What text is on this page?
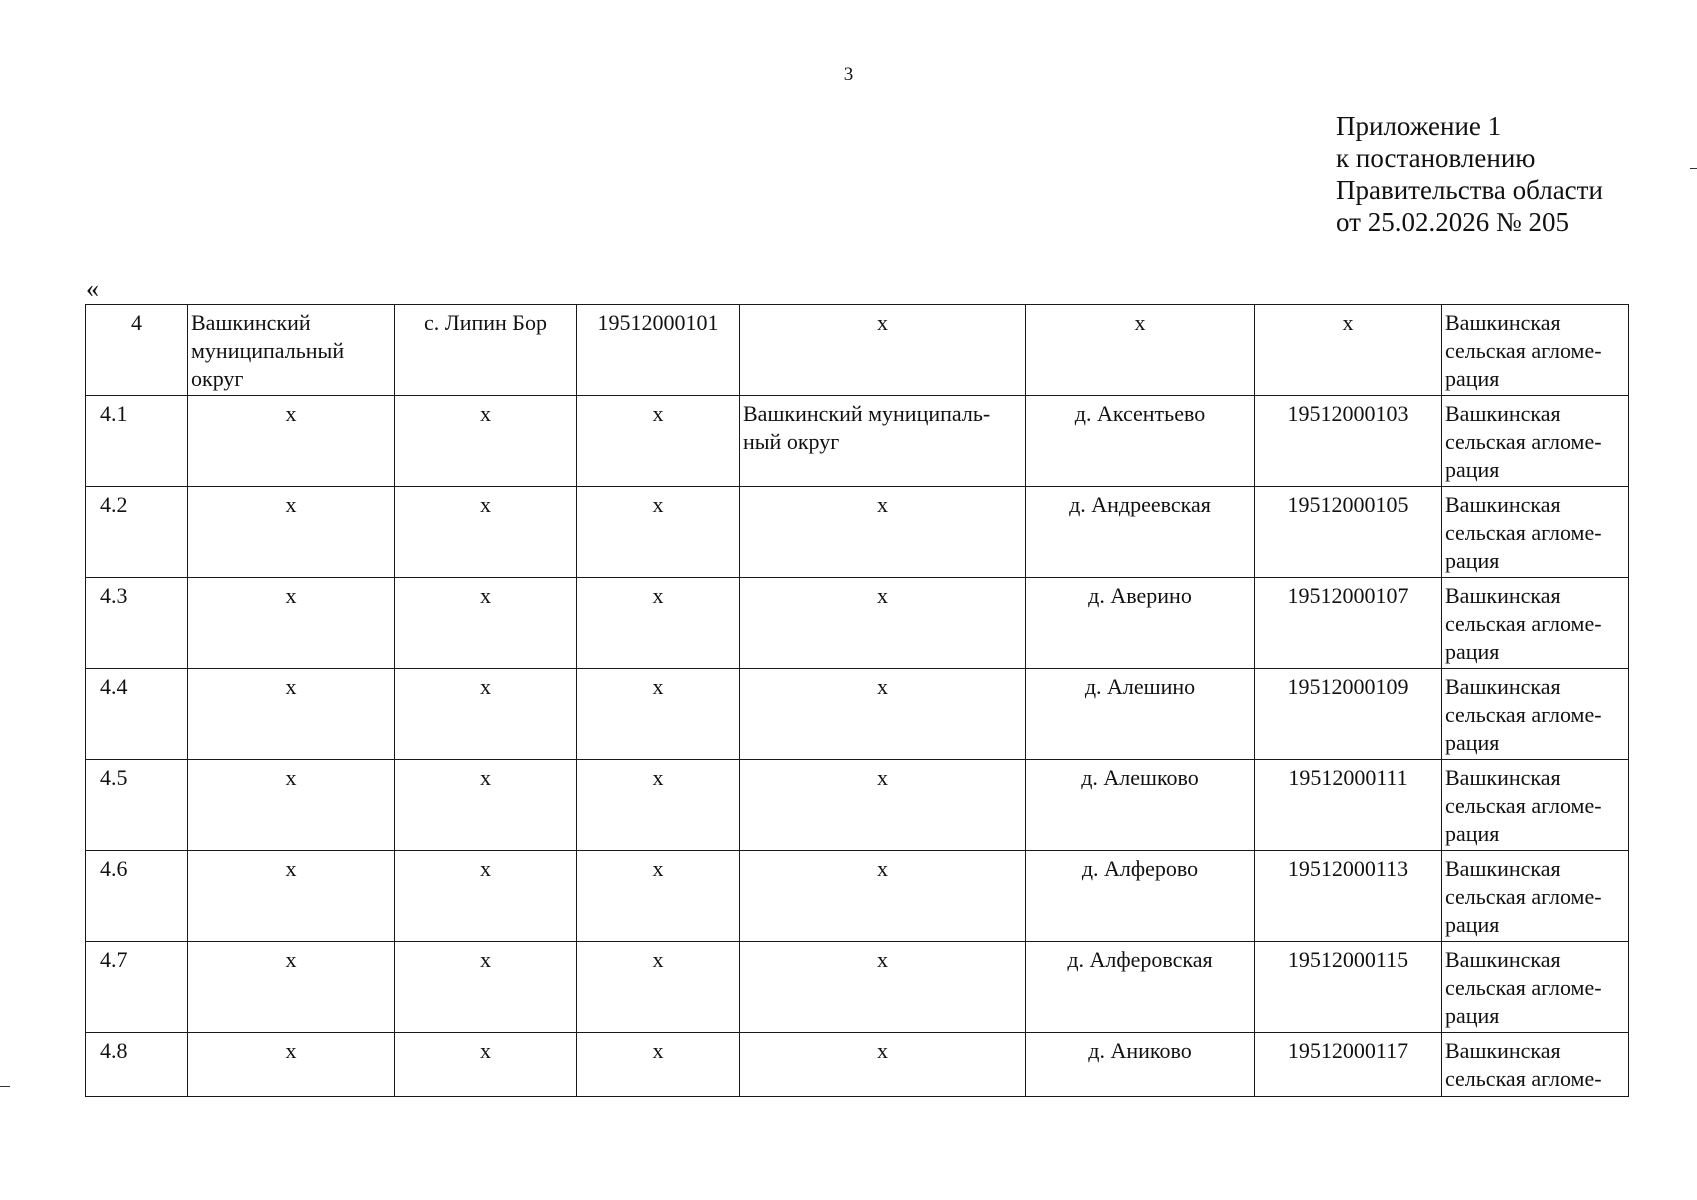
3
Приложение 1
к постановлению
Правительства области
от 25.02.2026 № 205
«
4	Вашкинский муниципальный округ	с. Липин Бор	19512000101	х	х	х	Вашкинская сельская агломе-рация
4.1	х	х	х	Вашкинский муниципаль-ный округ	д. Аксентьево	19512000103	Вашкинская сельская агломе-рация
4.2	х	х	х	х	д. Андреевская	19512000105	Вашкинская сельская агломе-рация
4.3	х	х	х	х	д. Аверино	19512000107	Вашкинская сельская агломе-рация
4.4	х	х	х	х	д. Алешино	19512000109	Вашкинская сельская агломе-рация
4.5	х	х	х	х	д. Алешково	19512000111	Вашкинская сельская агломе-рация
4.6	х	х	х	х	д. Алферово	19512000113	Вашкинская сельская агломе-рация
4.7	х	х	х	х	д. Алферовская	19512000115	Вашкинская сельская агломе-рация
4.8	х	х	х	х	д. Аниково	19512000117	Вашкинская сельская агломе-
